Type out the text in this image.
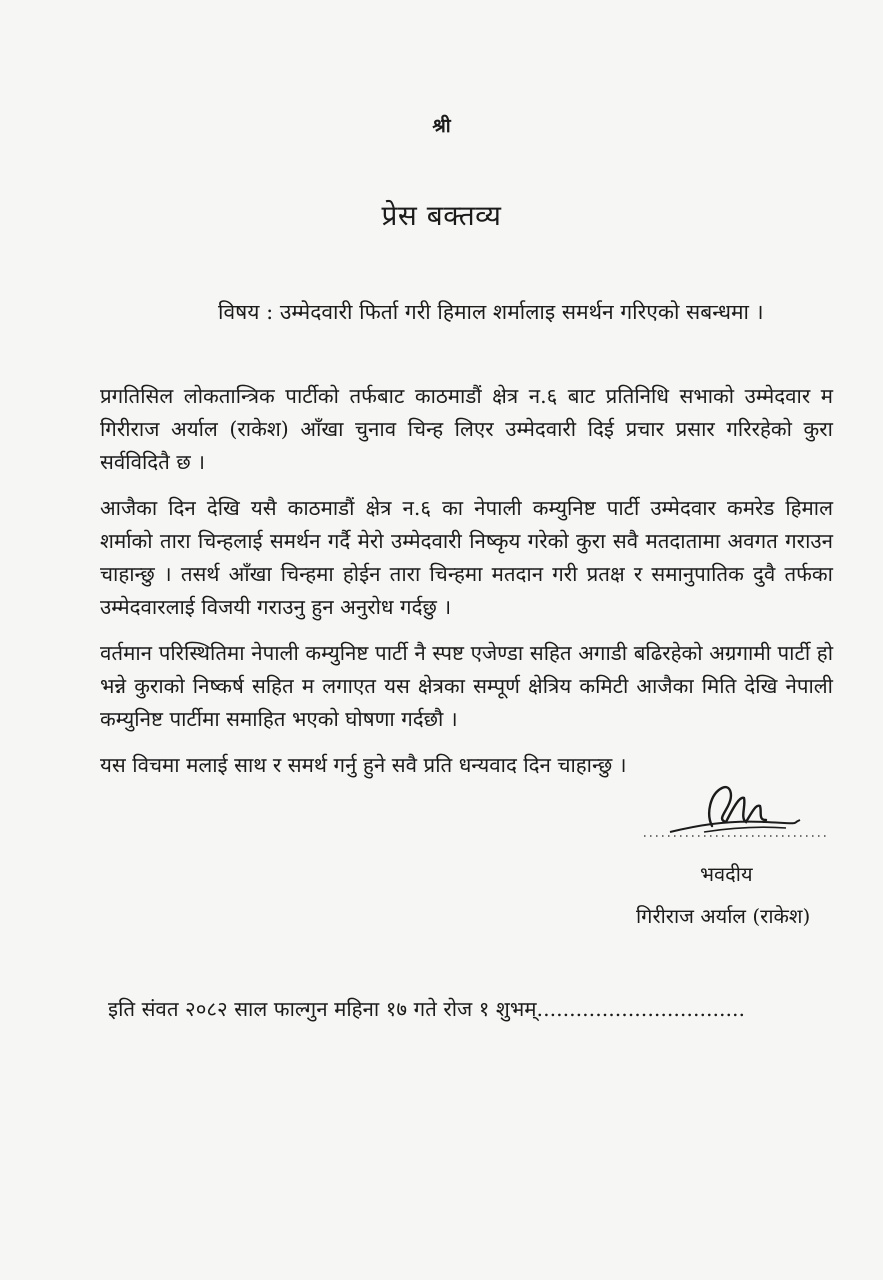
श्री
प्रेस बक्तव्य
विषय : उम्मेदवारी फिर्ता गरी हिमाल शर्मालाइ समर्थन गरिएको सबन्धमा ।

प्रगतिसिल लोकतान्त्रिक पार्टीको तर्फबाट काठमाडौं क्षेत्र न.६ बाट प्रतिनिधि सभाको उम्मेदवार म गिरीराज अर्याल (राकेश) आँखा चुनाव चिन्ह लिएर उम्मेदवारी दिई प्रचार प्रसार गरिरहेको कुरा सर्वविदितै छ ।

आजैका दिन देखि यसै काठमाडौं क्षेत्र न.६ का नेपाली कम्युनिष्ट पार्टी उम्मेदवार कमरेड हिमाल शर्माको तारा चिन्हलाई समर्थन गर्दै मेरो उम्मेदवारी निष्कृय गरेको कुरा सवै मतदातामा अवगत गराउन चाहान्छु । तसर्थ आँखा चिन्हमा होईन तारा चिन्हमा मतदान गरी प्रतक्ष र समानुपातिक दुवै तर्फका उम्मेदवारलाई विजयी गराउनु हुन अनुरोध गर्दछु ।

वर्तमान परिस्थितिमा नेपाली कम्युनिष्ट पार्टी नै स्पष्ट एजेण्डा सहित अगाडी बढिरहेको अग्रगामी पार्टी हो भन्ने कुराको निष्कर्ष सहित म लगाएत यस क्षेत्रका सम्पूर्ण क्षेत्रिय कमिटी आजैका मिति देखि नेपाली कम्युनिष्ट पार्टीमा समाहित भएको घोषणा गर्दछौ ।

यस विचमा मलाई साथ र समर्थ गर्नु हुने सवै प्रति धन्यवाद दिन चाहान्छु ।

भवदीय
गिरीराज अर्याल (राकेश)
इति संवत २०८२ साल फाल्गुन महिना १७ गते रोज १ शुभम्................................
